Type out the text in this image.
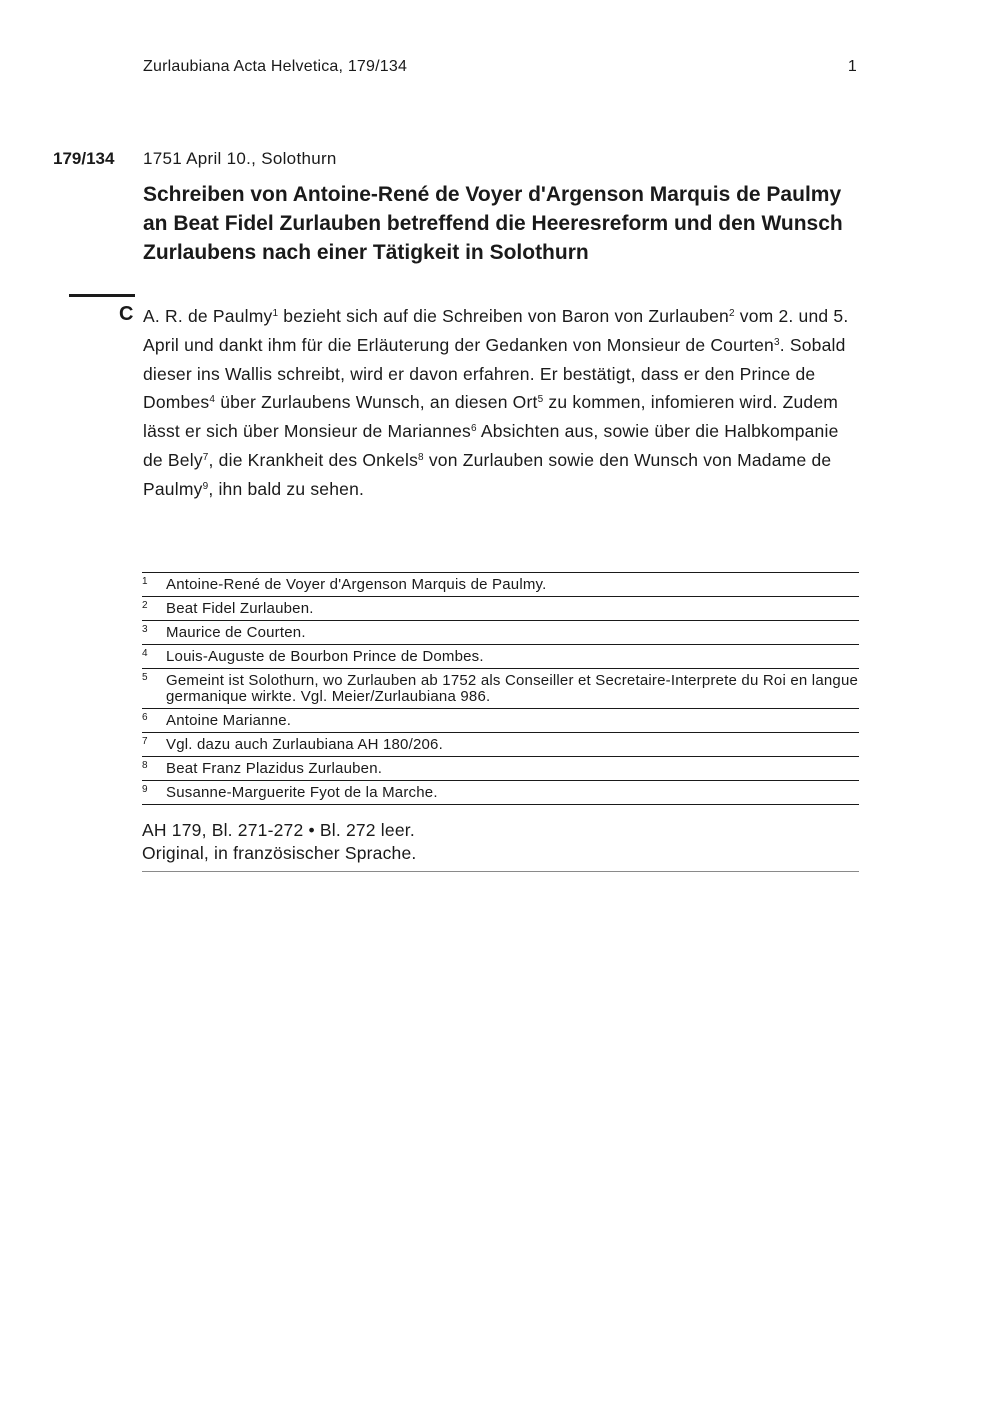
Zurlaubiana Acta Helvetica, 179/134	1
179/134 1751 April 10., Solothurn
Schreiben von Antoine-René de Voyer d'Argenson Marquis de Paulmy an Beat Fidel Zurlauben betreffend die Heeresreform und den Wunsch Zurlaubens nach einer Tätigkeit in Solothurn
C A. R. de Paulmy$^1$ bezieht sich auf die Schreiben von Baron von Zurlauben$^2$ vom 2. und 5. April und dankt ihm für die Erläuterung der Gedanken von Monsieur de Courten$^3$. Sobald dieser ins Wallis schreibt, wird er davon erfahren. Er bestätigt, dass er den Prince de Dombes$^4$ über Zurlaubens Wunsch, an diesen Ort$^5$ zu kommen, infomieren wird. Zudem lässt er sich über Monsieur de Mariannes$^6$ Absichten aus, sowie über die Halbkompanie de Bely$^7$, die Krankheit des Onkels$^8$ von Zurlauben sowie den Wunsch von Madame de Paulmy$^9$, ihn bald zu sehen.

1	Antoine-René de Voyer d'Argenson Marquis de Paulmy.
2	Beat Fidel Zurlauben.
3	Maurice de Courten.
4	Louis-Auguste de Bourbon Prince de Dombes.
5	Gemeint ist Solothurn, wo Zurlauben ab 1752 als Conseiller et Secretaire-Interprete du Roi en langue germanique wirkte. Vgl. Meier/Zurlaubiana 986.
6	Antoine Marianne.
7	Vgl. dazu auch Zurlaubiana AH 180/206.
8	Beat Franz Plazidus Zurlauben.
9	Susanne-Marguerite Fyot de la Marche.
AH 179, Bl. 271-272 • Bl. 272 leer.
Original, in französischer Sprache.
